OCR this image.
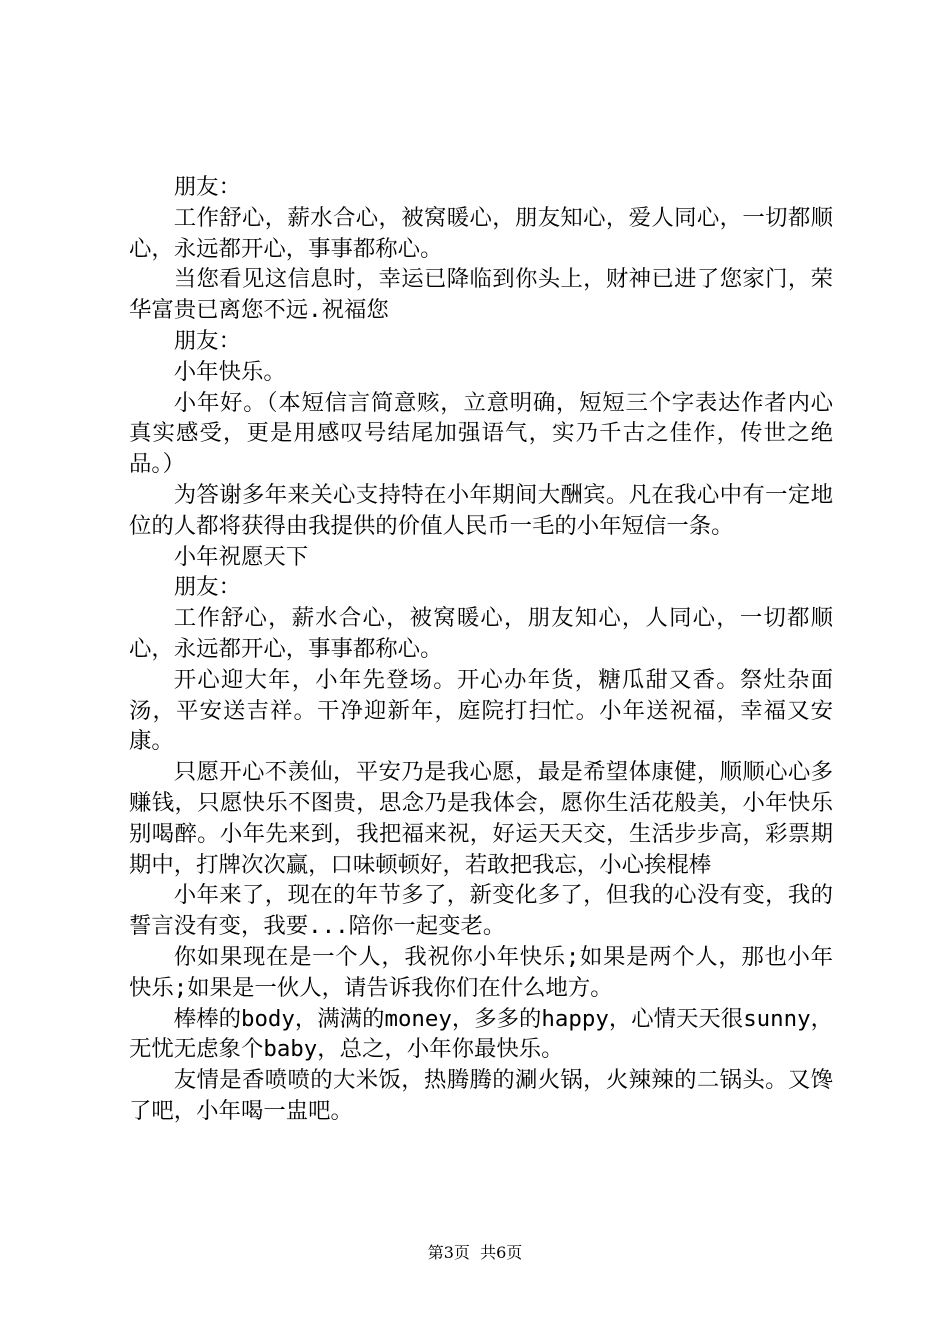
朋友：

工作舒心，薪水合心，被窝暖心，朋友知心，爱人同心，一切都顺心，永远都开心，事事都称心。

当您看见这信息时，幸运已降临到你头上，财神已进了您家门，荣华富贵已离您不远.祝福您

朋友：

小年快乐。

小年好。（本短信言简意赅，立意明确，短短三个字表达作者内心真实感受，更是用感叹号结尾加强语气，实乃千古之佳作，传世之绝品。）

为答谢多年来关心支持特在小年期间大酬宾。凡在我心中有一定地位的人都将获得由我提供的价值人民币一毛的小年短信一条。

小年祝愿天下

朋友：

工作舒心，薪水合心，被窝暖心，朋友知心，人同心，一切都顺心，永远都开心，事事都称心。

开心迎大年，小年先登场。开心办年货，糖瓜甜又香。祭灶杂面汤，平安送吉祥。干净迎新年，庭院打扫忙。小年送祝福，幸福又安康。

只愿开心不羡仙，平安乃是我心愿，最是希望体康健，顺顺心心多赚钱，只愿快乐不图贵，思念乃是我体会，愿你生活花般美，小年快乐别喝醉。小年先来到，我把福来祝，好运天天交，生活步步高，彩票期期中，打牌次次赢，口味顿顿好，若敢把我忘，小心挨棍棒

小年来了，现在的年节多了，新变化多了，但我的心没有变，我的誓言没有变，我要...陪你一起变老。

你如果现在是一个人，我祝你小年快乐;如果是两个人，那也小年快乐;如果是一伙人，请告诉我你们在什么地方。

棒棒的body，满满的money，多多的happy，心情天天很sunny，无忧无虑象个baby，总之，小年你最快乐。

友情是香喷喷的大米饭，热腾腾的涮火锅，火辣辣的二锅头。又馋了吧，小年喝一盅吧。

第3页  共6页
